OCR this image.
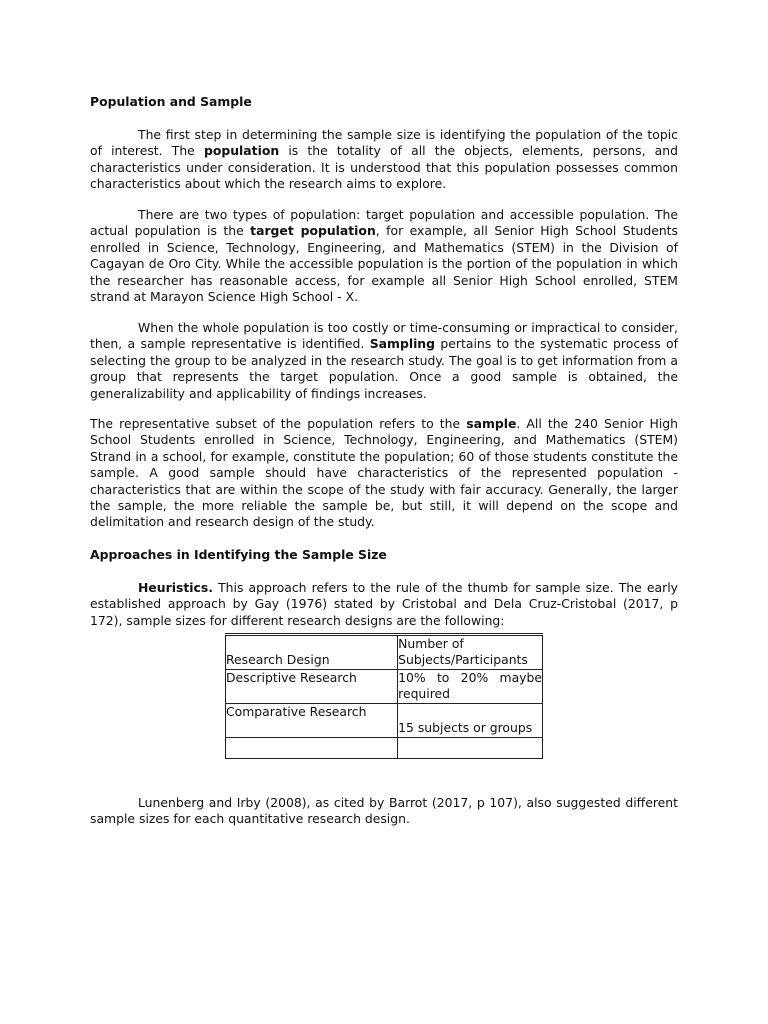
Population and Sample

The first step in determining the sample size is identifying the population of the topic of interest. The population is the totality of all the objects, elements, persons, and characteristics under consideration. It is understood that this population possesses common characteristics about which the research aims to explore.

There are two types of population: target population and accessible population. The actual population is the target population, for example, all Senior High School Students enrolled in Science, Technology, Engineering, and Mathematics (STEM) in the Division of Cagayan de Oro City. While the accessible population is the portion of the population in which the researcher has reasonable access, for example all Senior High School enrolled, STEM strand at Marayon Science High School - X.

When the whole population is too costly or time-consuming or impractical to consider, then, a sample representative is identified. Sampling pertains to the systematic process of selecting the group to be analyzed in the research study. The goal is to get information from a group that represents the target population. Once a good sample is obtained, the generalizability and applicability of findings increases.

The representative subset of the population refers to the sample. All the 240 Senior High School Students enrolled in Science, Technology, Engineering, and Mathematics (STEM) Strand in a school, for example, constitute the population; 60 of those students constitute the sample. A good sample should have characteristics of the represented population - characteristics that are within the scope of the study with fair accuracy. Generally, the larger the sample, the more reliable the sample be, but still, it will depend on the scope and delimitation and research design of the study.

Approaches in Identifying the Sample Size

Heuristics. This approach refers to the rule of the thumb for sample size. The early established approach by Gay (1976) stated by Cristobal and Dela Cruz-Cristobal (2017, p 172), sample sizes for different research designs are the following:

Research Design	Number of Subjects/Participants
Descriptive Research	10% to 20% maybe required
Comparative Research	15 subjects or groups

Lunenberg and Irby (2008), as cited by Barrot (2017, p 107), also suggested different sample sizes for each quantitative research design.
